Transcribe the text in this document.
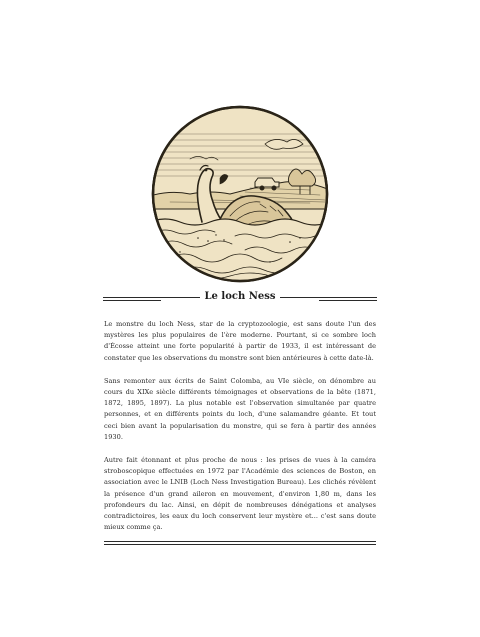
Le loch Ness

Le monstre du loch Ness, star de la cryptozoologie, est sans doute l'un des mystères les plus populaires de l'ère moderne. Pourtant, si ce sombre loch d'Écosse atteint une forte popularité à partir de 1933, il est intéressant de constater que les observations du monstre sont bien antérieures à cette date-là.

Sans remonter aux écrits de Saint Colomba, au VIe siècle, on dénombre au cours du XIXe siècle différents témoignages et observations de la bête (1871, 1872, 1895, 1897). La plus notable est l'observation simultanée par quatre personnes, et en différents points du loch, d'une salamandre géante. Et tout ceci bien avant la popularisation du monstre, qui se fera à partir des années 1930.

Autre fait étonnant et plus proche de nous : les prises de vues à la caméra stroboscopique effectuées en 1972 par l'Académie des sciences de Boston, en association avec le LNIB (Loch Ness Investigation Bureau). Les clichés révèlent la présence d'un grand aileron en mouvement, d'environ 1,80 m, dans les profondeurs du lac. Ainsi, en dépit de nombreuses dénégations et analyses contradictoires, les eaux du loch conservent leur mystère et... c'est sans doute mieux comme ça.
